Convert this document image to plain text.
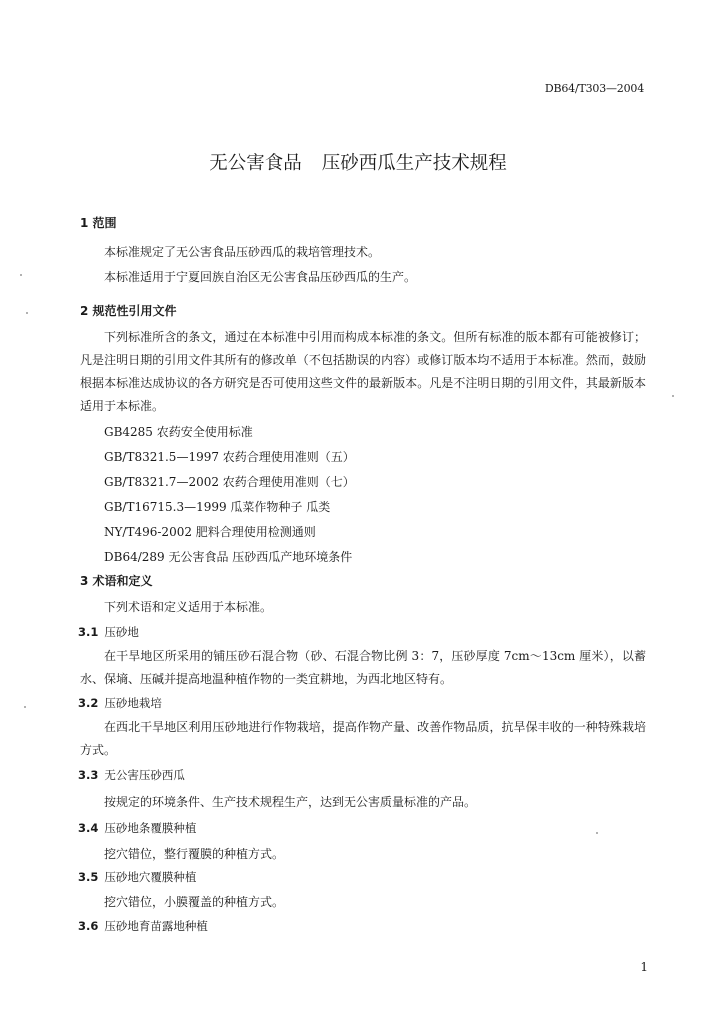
DB64/T303—2004
无公害食品 压砂西瓜生产技术规程
1 范围
本标准规定了无公害食品压砂西瓜的栽培管理技术。
本标准适用于宁夏回族自治区无公害食品压砂西瓜的生产。
2 规范性引用文件
下列标准所含的条文，通过在本标准中引用而构成本标准的条文。但所有标准的版本都有可能被修订；凡是注明日期的引用文件其所有的修改单（不包括勘误的内容）或修订版本均不适用于本标准。然而，鼓励根据本标准达成协议的各方研究是否可使用这些文件的最新版本。凡是不注明日期的引用文件，其最新版本适用于本标准。
GB4285 农药安全使用标准
GB/T8321.5—1997 农药合理使用准则（五）
GB/T8321.7—2002 农药合理使用准则（七）
GB/T16715.3—1999 瓜菜作物种子 瓜类
NY/T496-2002 肥料合理使用检测通则
DB64/289 无公害食品 压砂西瓜产地环境条件
3 术语和定义
下列术语和定义适用于本标准。
3.1 压砂地
在干旱地区所采用的铺压砂石混合物（砂、石混合物比例 3：7，压砂厚度 7cm～13cm 厘米），以蓄水、保墒、压碱并提高地温种植作物的一类宜耕地，为西北地区特有。
3.2 压砂地栽培
在西北干旱地区利用压砂地进行作物栽培，提高作物产量、改善作物品质，抗旱保丰收的一种特殊栽培方式。
3.3 无公害压砂西瓜
按规定的环境条件、生产技术规程生产，达到无公害质量标准的产品。
3.4 压砂地条覆膜种植
挖穴错位，整行覆膜的种植方式。
3.5 压砂地穴覆膜种植
挖穴错位，小膜覆盖的种植方式。
3.6 压砂地育苗露地种植
1
